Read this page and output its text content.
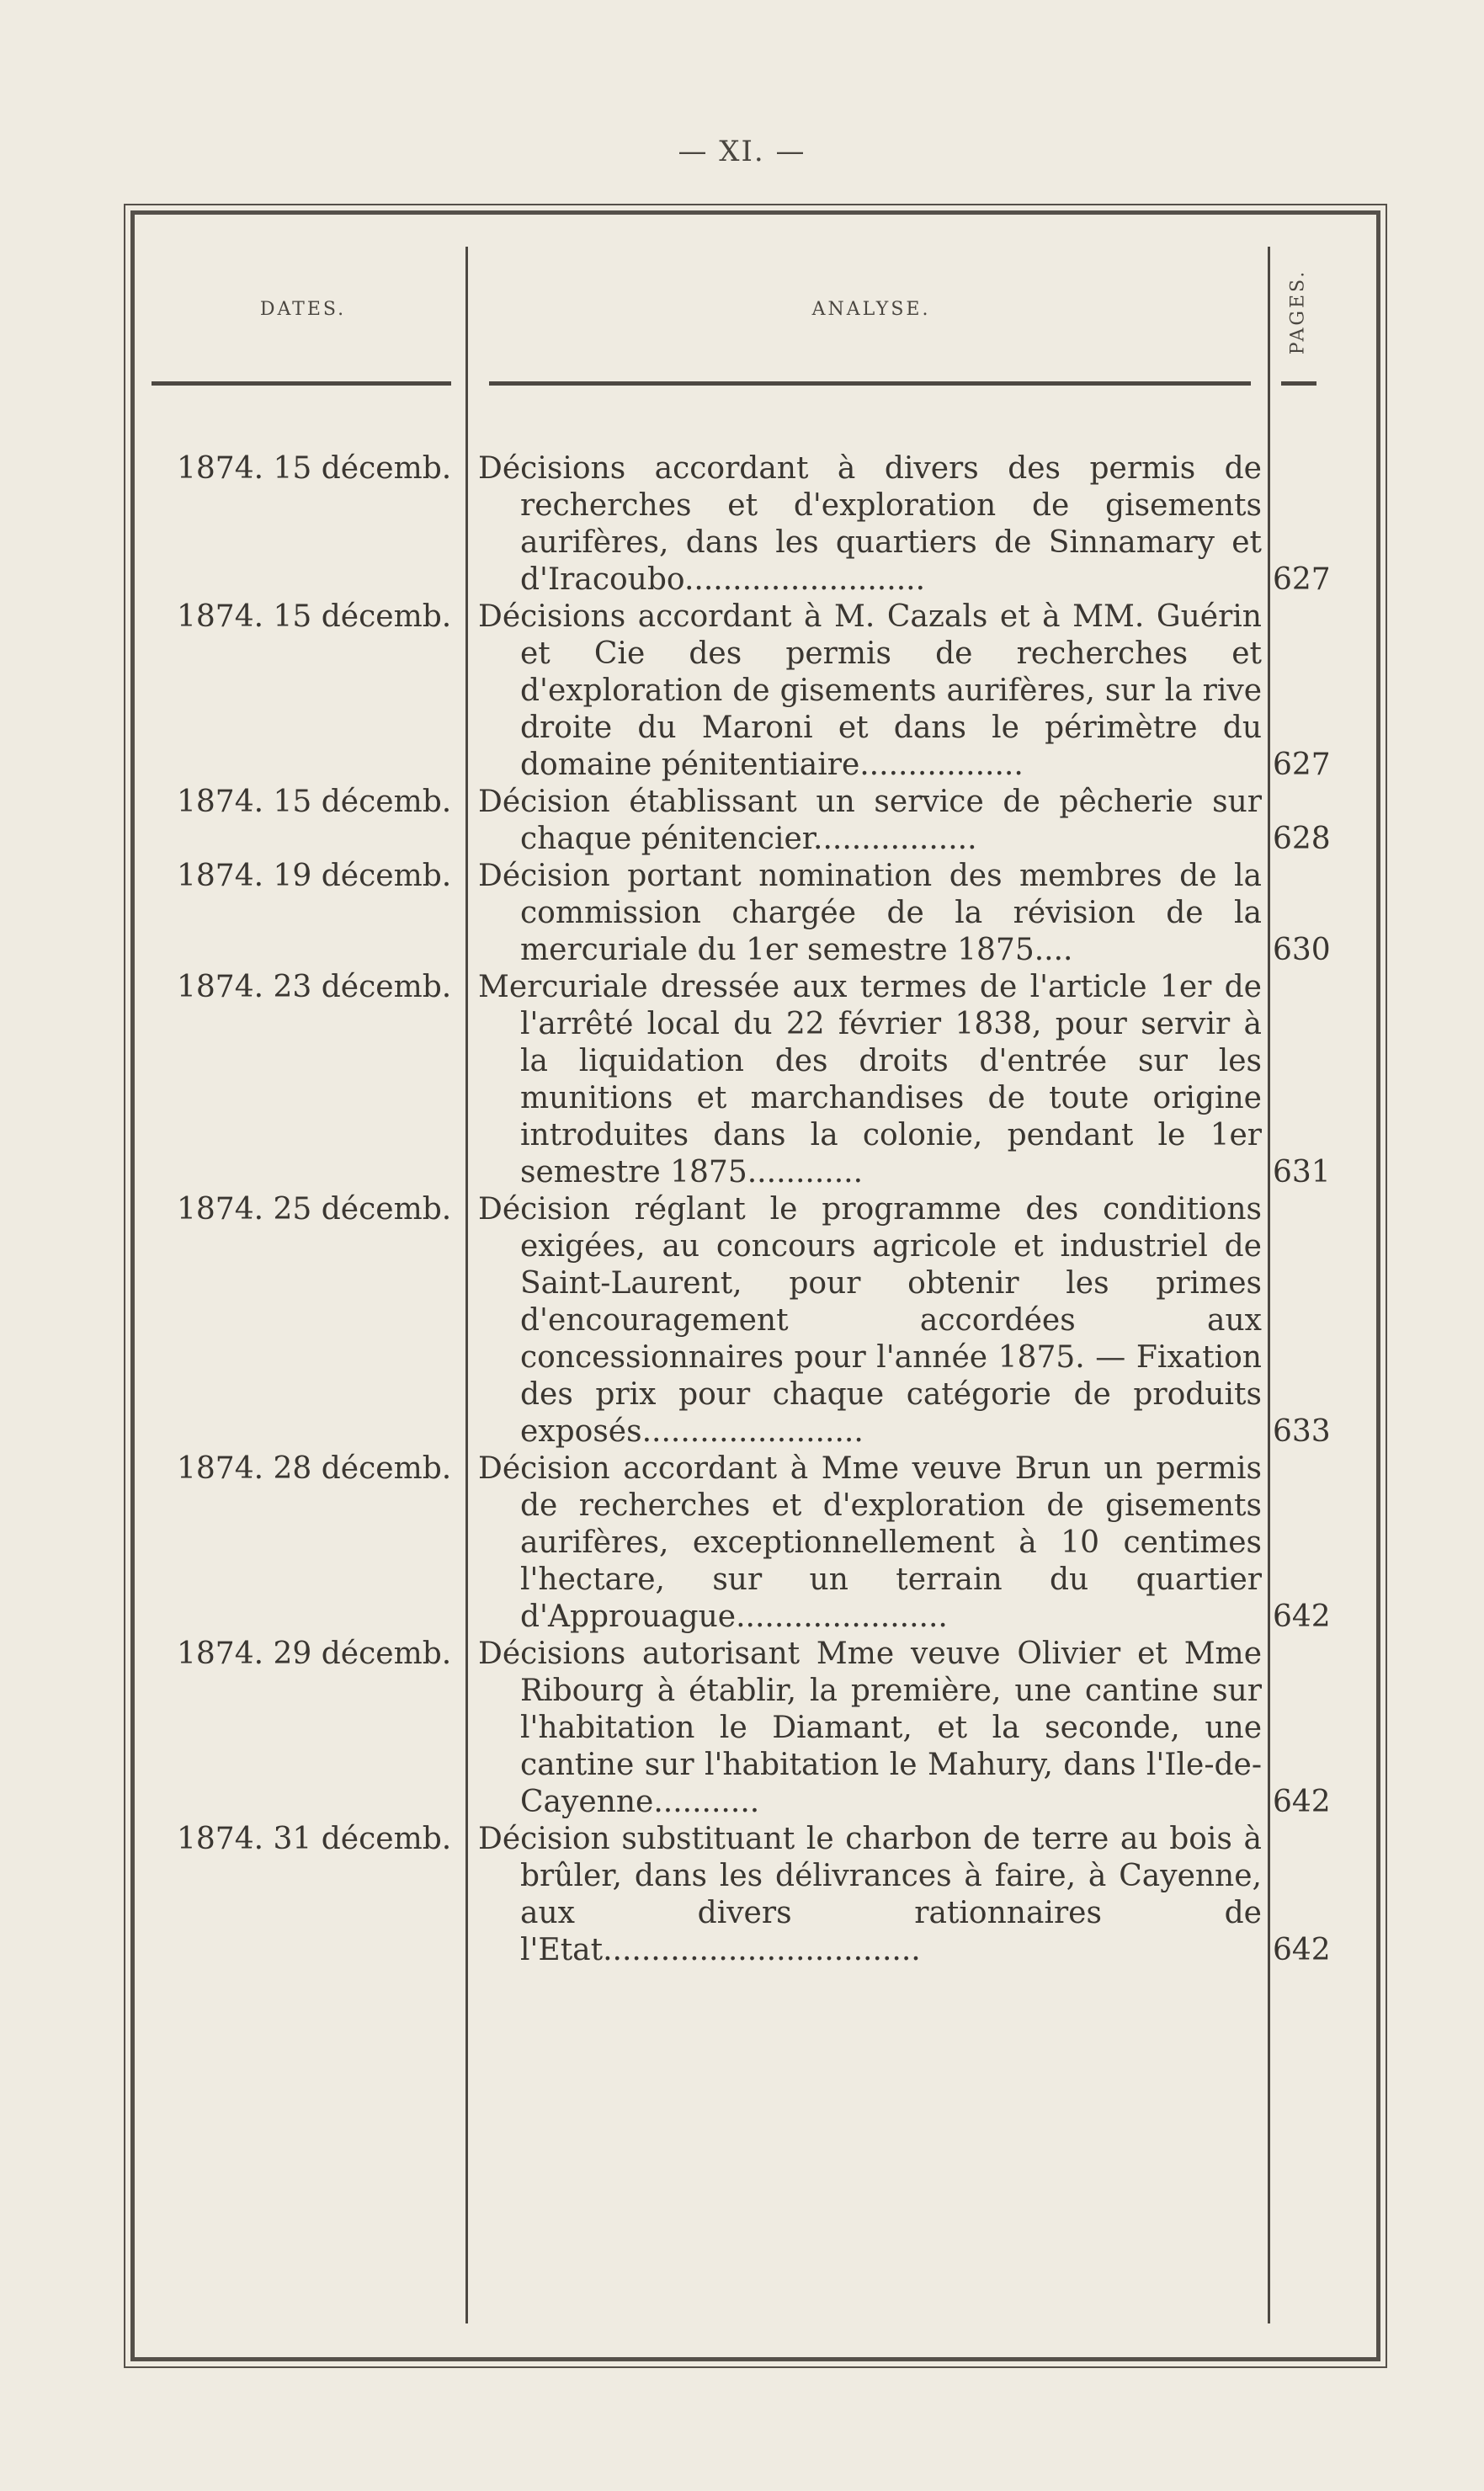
— XI. —
DATES.	ANALYSE.	PAGES.
1874. 15 décemb. Décisions accordant à divers des permis de recherches et d'exploration de gisements aurifères, dans les quartiers de Sinnamary et d'Iracoubo.........................	627
1874. 15 décemb. Décisions accordant à M. Cazals et à MM. Guérin et Cie des permis de recherches et d'exploration de gisements aurifères, sur la rive droite du Maroni et dans le périmètre du domaine pénitentiaire.................	627
1874. 15 décemb. Décision établissant un service de pêcherie sur chaque pénitencier.................	628
1874. 19 décemb. Décision portant nomination des membres de la commission chargée de la révision de la mercuriale du 1er semestre 1875....	630
1874. 23 décemb. Mercuriale dressée aux termes de l'article 1er de l'arrêté local du 22 février 1838, pour servir à la liquidation des droits d'entrée sur les munitions et marchandises de toute origine introduites dans la colonie, pendant le 1er semestre 1875............	631
1874. 25 décemb. Décision réglant le programme des conditions exigées, au concours agricole et industriel de Saint-Laurent, pour obtenir les primes d'encouragement accordées aux concessionnaires pour l'année 1875. — Fixation des prix pour chaque catégorie de produits exposés.......................	633
1874. 28 décemb. Décision accordant à Mme veuve Brun un permis de recherches et d'exploration de gisements aurifères, exceptionnellement à 10 centimes l'hectare, sur un terrain du quartier d'Approuague......................	642
1874. 29 décemb. Décisions autorisant Mme veuve Olivier et Mme Ribourg à établir, la première, une cantine sur l'habitation le Diamant, et la seconde, une cantine sur l'habitation le Mahury, dans l'Ile-de-Cayenne...........	642
1874. 31 décemb. Décision substituant le charbon de terre au bois à brûler, dans les délivrances à faire, à Cayenne, aux divers rationnaires de l'Etat.................................	642
